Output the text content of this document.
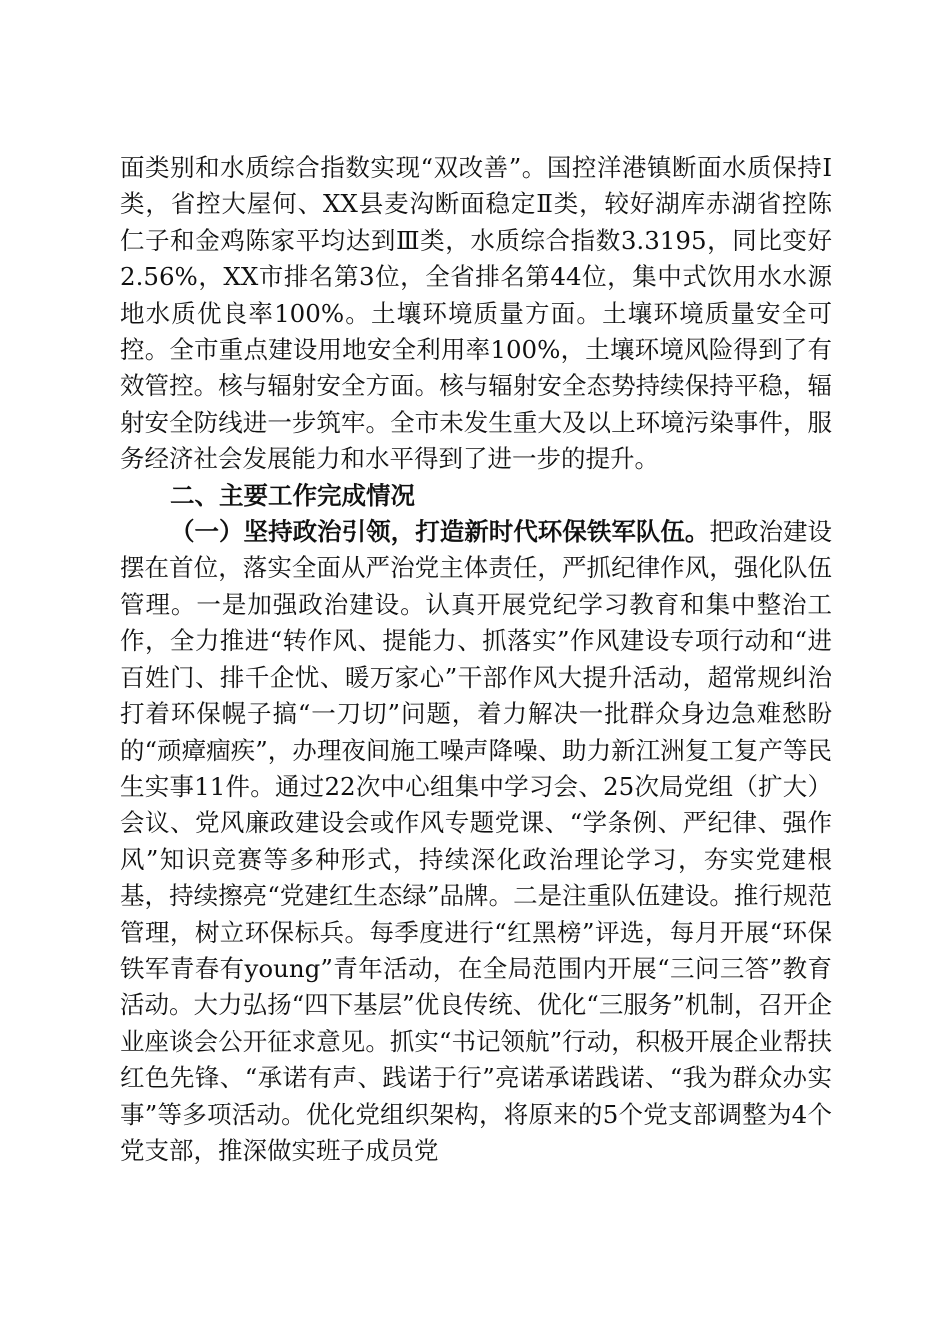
面类别和水质综合指数实现“双改善”。国控洋港镇断面水质保持Ⅰ类，省控大屋何、XX县麦沟断面稳定Ⅱ类，较好湖库赤湖省控陈仁子和金鸡陈家平均达到Ⅲ类，水质综合指数3.3195，同比变好2.56%，XX市排名第3位，全省排名第44位，集中式饮用水水源地水质优良率100%。土壤环境质量方面。土壤环境质量安全可控。全市重点建设用地安全利用率100%，土壤环境风险得到了有效管控。核与辐射安全方面。核与辐射安全态势持续保持平稳，辐射安全防线进一步筑牢。全市未发生重大及以上环境污染事件，服务经济社会发展能力和水平得到了进一步的提升。

二、主要工作完成情况

（一）坚持政治引领，打造新时代环保铁军队伍。把政治建设摆在首位，落实全面从严治党主体责任，严抓纪律作风，强化队伍管理。一是加强政治建设。认真开展党纪学习教育和集中整治工作，全力推进“转作风、提能力、抓落实”作风建设专项行动和“进百姓门、排千企忧、暖万家心”干部作风大提升活动，超常规纠治打着环保幌子搞“一刀切”问题，着力解决一批群众身边急难愁盼的“顽瘴痼疾”，办理夜间施工噪声降噪、助力新江洲复工复产等民生实事11件。通过22次中心组集中学习会、25次局党组（扩大）会议、党风廉政建设会或作风专题党课、“学条例、严纪律、强作风”知识竞赛等多种形式，持续深化政治理论学习，夯实党建根基，持续擦亮“党建红生态绿”品牌。二是注重队伍建设。推行规范管理，树立环保标兵。每季度进行“红黑榜”评选，每月开展“环保铁军青春有young”青年活动，在全局范围内开展“三问三答”教育活动。大力弘扬“四下基层”优良传统、优化“三服务”机制，召开企业座谈会公开征求意见。抓实“书记领航”行动，积极开展企业帮扶红色先锋、“承诺有声、践诺于行”亮诺承诺践诺、“我为群众办实事”等多项活动。优化党组织架构，将原来的5个党支部调整为4个党支部，推深做实班子成员党
